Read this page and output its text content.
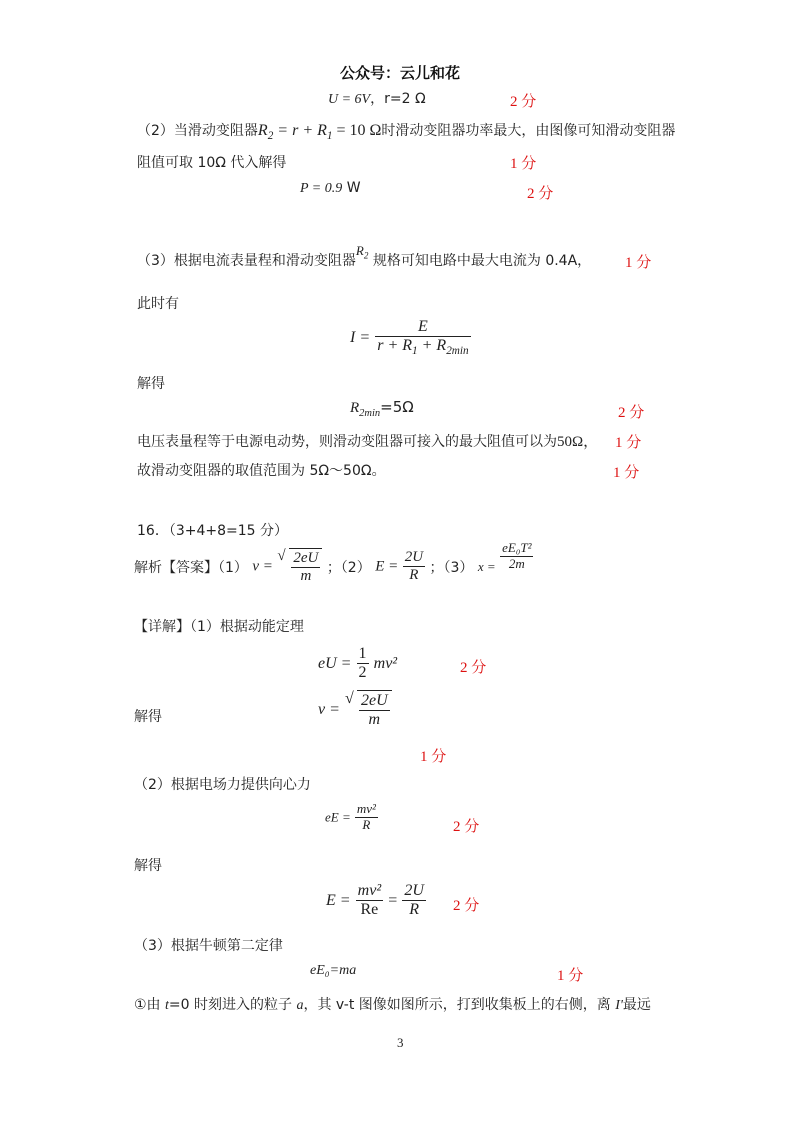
公众号：云儿和花
U = 6V，r=2 Ω	2 分
（2）当滑动变阻器$R_2 = r + R_1 = 10$ Ω时滑动变阻器功率最大，由图像可知滑动变阻器
阻值可取 10Ω 代入解得	1 分
P = 0.9 W	2 分
（3）根据电流表量程和滑动变阻器$R_2$ 规格可知电路中最大电流为 0.4A， 1 分
此时有
$I = \frac{E}{r + R_1 + R_{2min}}$
解得
$R_{2min}=5\Omega$	2 分
电压表量程等于电源电动势，则滑动变阻器可接入的最大阻值可以为50Ω， 1 分
故滑动变阻器的取值范围为 5Ω～50Ω。	1 分
16．（3+4+8=15 分）
解析【答案】（1） v =
√ $\frac{2eU}{m}$ ；（2） $E = \frac{2U}{R}$ ；（3） $x = \frac{\text{eE₀T²}}{2m}$
【详解】（1）根据动能定理
eU = $\frac{1}{2} mv^2$	2 分
解得	v =
√ $\frac{2eU}{m}$
1 分
（2）根据电场力提供向心力
eE = $\frac{\text{mv²}}{R}$	2 分
解得
$E = \frac{\text{mv²}}{Re} = \frac{2U}{R} 2$ 分
（3）根据牛顿第二定律
eE₀=ma	1 分
①由 t=0 时刻进入的粒子 a，其 v-t 图像如图所示，打到收集板上的右侧，离 I'最远
3
